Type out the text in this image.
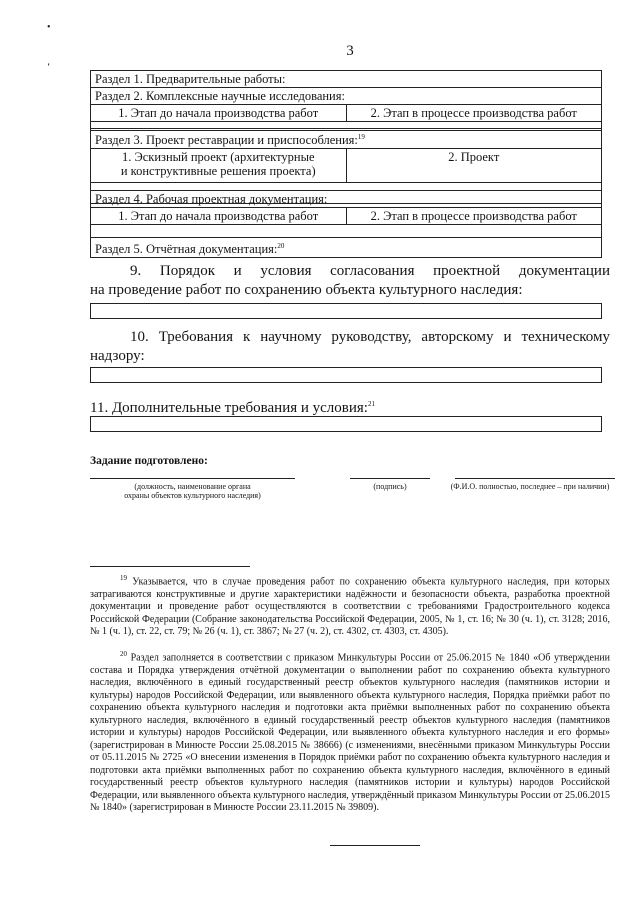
•
‘
3
Раздел 1. Предварительные работы:
Раздел 2. Комплексные научные исследования:
1. Этап до начала производства работ	2. Этап в процессе производства работ
Раздел 3. Проект реставрации и приспособления:$^{19}$
1. Эскизный проект (архитектурные
и конструктивные решения проекта)
2. Проект
Раздел 4. Рабочая проектная документация:
1. Этап до начала производства работ	2. Этап в процессе производства работ
Раздел 5. Отчётная документация:$^{20}$
9. Порядок и условия согласования проектной документации
на проведение работ по сохранению объекта культурного наследия:
10. Требования к научному руководству, авторскому и техническому
надзору:
11. Дополнительные требования и условия:$^{21}$
Задание подготовлено:
(должность, наименование органа
охраны объектов культурного наследия)
(подпись)	(Ф.И.О. полностью, последнее – при наличии)
$^{19}$ Указывается, что в случае проведения работ по сохранению объекта культурного наследия, при которых затрагиваются конструктивные и другие характеристики надёжности и безопасности объекта, разработка проектной документации и проведение работ осуществляются в соответствии с требованиями Градостроительного кодекса Российской Федерации (Собрание законодательства Российской Федерации, 2005, № 1, ст. 16; № 30 (ч. 1), ст. 3128; 2016, № 1 (ч. 1), ст. 22, ст. 79; № 26 (ч. 1), ст. 3867; № 27 (ч. 2), ст. 4302, ст. 4303, ст. 4305).
$^{20}$ Раздел заполняется в соответствии с приказом Минкультуры России от 25.06.2015 № 1840 «Об утверждении состава и Порядка утверждения отчётной документации о выполнении работ по сохранению объекта культурного наследия, включённого в единый государственный реестр объектов культурного наследия (памятников истории и культуры) народов Российской Федерации, или выявленного объекта культурного наследия, Порядка приёмки работ по сохранению объекта культурного наследия и подготовки акта приёмки выполненных работ по сохранению объекта культурного наследия, включённого в единый государственный реестр объектов культурного наследия (памятников истории и культуры) народов Российской Федерации, или выявленного объекта культурного наследия и его формы» (зарегистрирован в Минюсте России 25.08.2015 № 38666) (с изменениями, внесёнными приказом Минкультуры России от 05.11.2015 № 2725 «О внесении изменения в Порядок приёмки работ по сохранению объекта культурного наследия и подготовки акта приёмки выполненных работ по сохранению объекта культурного наследия, включённого в единый государственный реестр объектов культурного наследия (памятников истории и культуры) народов Российской Федерации, или выявленного объекта культурного наследия, утверждённый приказом Минкультуры России от 25.06.2015 № 1840» (зарегистрирован в Минюсте России 23.11.2015 № 39809).
